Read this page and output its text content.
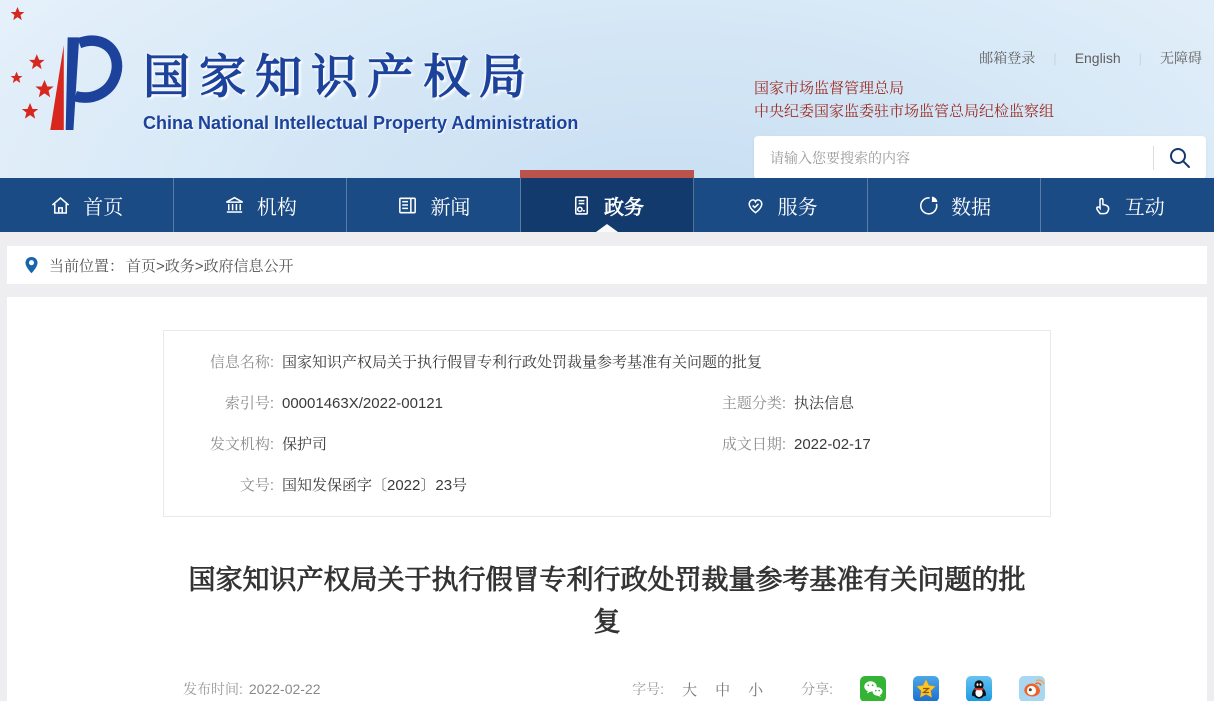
国家知识产权局
China National Intellectual Property Administration
邮箱登录	| English	| 无障碍
国家市场监督管理总局
中央纪委国家监委驻市场监管总局纪检监察组
请输入您要搜索的内容
首页	机构	新闻	政务	服务	数据	互动
当前位置： 首页>政务>政府信息公开
信息名称: 国家知识产权局关于执行假冒专利行政处罚裁量参考基准有关问题的批复
索引号: 00001463X/2022-00121	主题分类: 执法信息
发文机构: 保护司	成文日期: 2022-02-17
文号: 国知发保函字〔2022〕23号
国家知识产权局关于执行假冒专利行政处罚裁量参考基准有关问题的批复
发布时间: 2022-02-22	字号: 大 中 小	分享:
